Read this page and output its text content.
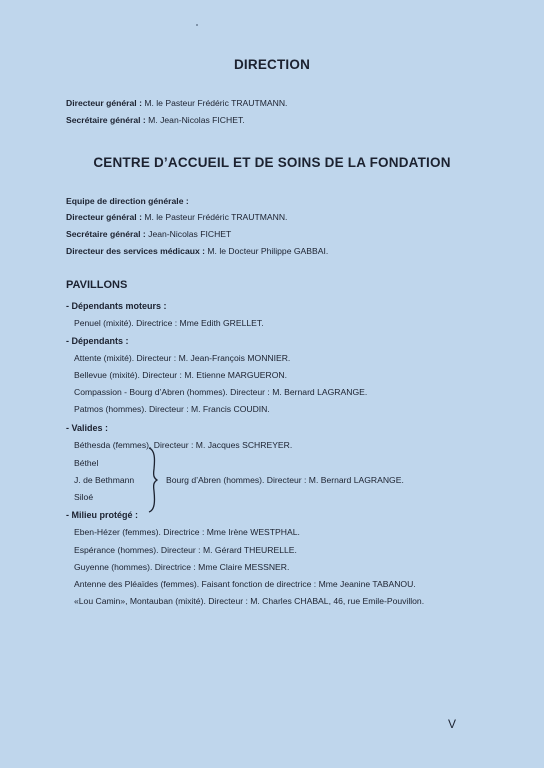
DIRECTION
Directeur général : M. le Pasteur Frédéric TRAUTMANN.
Secrétaire général : M. Jean-Nicolas FICHET.
CENTRE D’ACCUEIL ET DE SOINS DE LA FONDATION
Equipe de direction générale :
Directeur général : M. le Pasteur Frédéric TRAUTMANN.
Secrétaire général : Jean-Nicolas FICHET
Directeur des services médicaux : M. le Docteur Philippe GABBAI.
PAVILLONS
- Dépendants moteurs :
Penuel (mixité). Directrice : Mme Edith GRELLET.
- Dépendants :
Attente (mixité). Directeur : M. Jean-François MONNIER.
Bellevue (mixité). Directeur : M. Etienne MARGUERON.
Compassion - Bourg d’Abren (hommes). Directeur : M. Bernard LAGRANGE.
Patmos (hommes). Directeur : M. Francis COUDIN.
- Valides :
Béthesda (femmes). Directeur : M. Jacques SCHREYER.
Béthel
J. de Bethmann
Siloé
Bourg d’Abren (hommes). Directeur : M. Bernard LAGRANGE.
- Milieu protégé :
Eben-Hézer (femmes). Directrice : Mme Irène WESTPHAL.
Espérance (hommes). Directeur : M. Gérard THEURELLE.
Guyenne (hommes). Directrice : Mme Claire MESSNER.
Antenne des Pléaïdes (femmes). Faisant fonction de directrice : Mme Jeanine TABANOU.
«Lou Camin», Montauban (mixité). Directeur : M. Charles CHABAL, 46, rue Emile-Pouvillon.
V
